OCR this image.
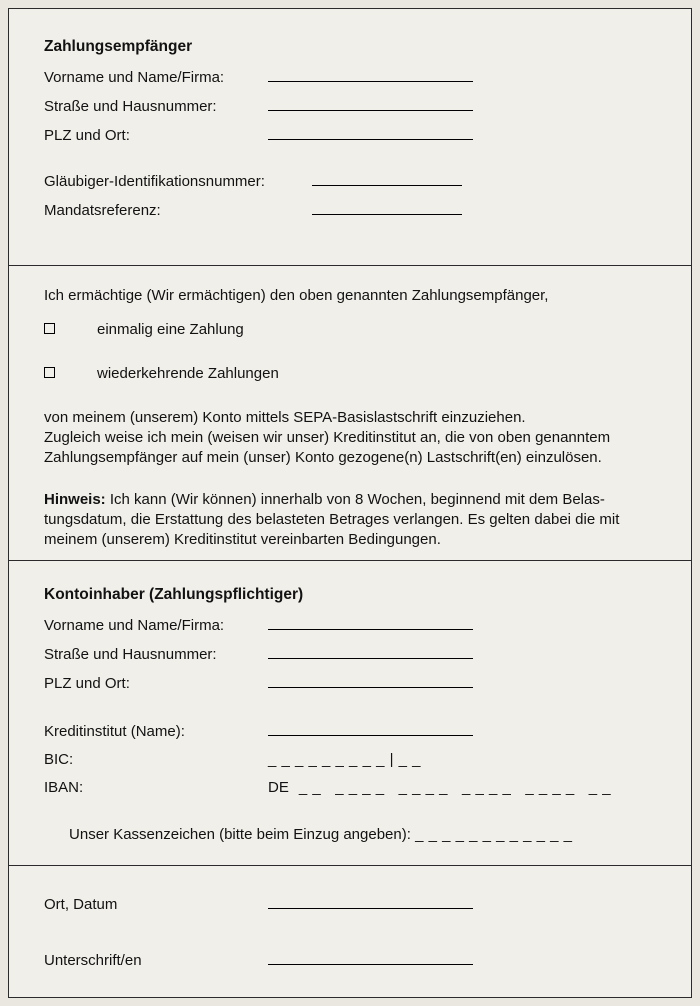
Zahlungsempfänger
Vorname und Name/Firma:
Straße und Hausnummer:
PLZ und Ort:
Gläubiger-Identifikationsnummer:
Mandatsreferenz:

Ich ermächtige (Wir ermächtigen) den oben genannten Zahlungsempfänger,

einmalig eine Zahlung
wiederkehrende Zahlungen
von meinem (unserem) Konto mittels SEPA-Basislastschrift einzuziehen.
Zugleich weise ich mein (weisen wir unser) Kreditinstitut an, die von oben genanntem
Zahlungsempfänger auf mein (unser) Konto gezogene(n) Lastschrift(en) einzulösen.
Hinweis: Ich kann (Wir können) innerhalb von 8 Wochen, beginnend mit dem Belas-
tungsdatum, die Erstattung des belasteten Betrages verlangen. Es gelten dabei die mit
meinem (unserem) Kreditinstitut vereinbarten Bedingungen.
Kontoinhaber (Zahlungspflichtiger)
Vorname und Name/Firma:
Straße und Hausnummer:
PLZ und Ort:
Kreditinstitut (Name):
BIC:	_ _ _ _ _ _ _ _ _ | _ _
IBAN:	DE _ _   _ _ _ _   _ _ _ _   _ _ _ _   _ _ _ _   _ _

Unser Kassenzeichen (bitte beim Einzug angeben): _ _ _ _ _ _ _ _ _ _ _ _

Ort, Datum
Unterschrift/en
